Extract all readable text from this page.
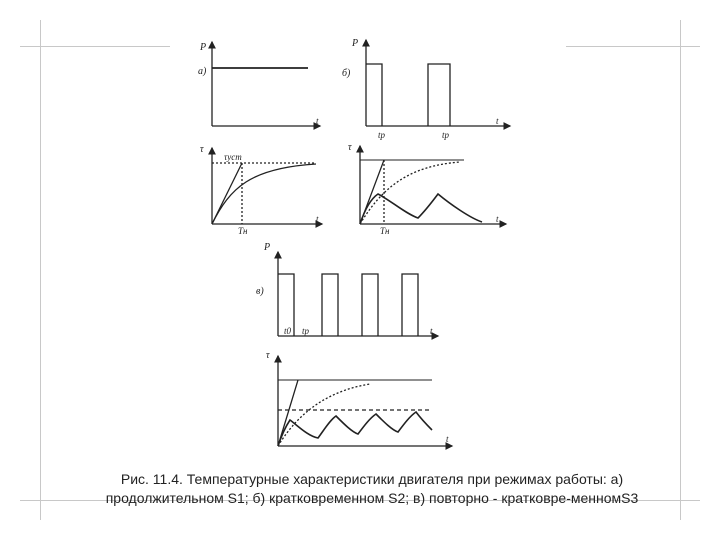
P
а)
t
P
б)
t
tр	tр
τ
τуст
t
Tн
τ
t
Tн
P
в)
t
t0 tр
τ
t
Рис. 11.4. Температурные характеристики двигателя при режимах работы: а)
продолжительном S1; б) кратковременном S2; в) повторно - кратковре-менномS3
